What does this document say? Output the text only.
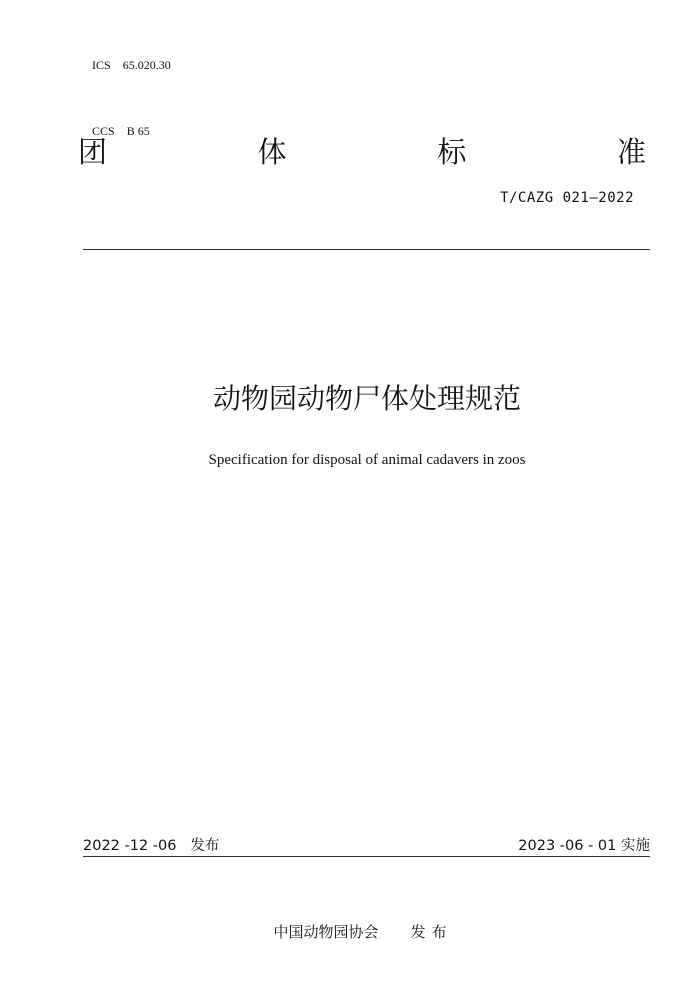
ICS 65.020.30

CCS B 65

团	体	标	准
T/CAZG 021—2022
动物园动物尸体处理规范
Specification for disposal of animal cadavers in zoos
2022 -12 -06   发布	2023 -06 - 01 实施

中国动物园协会 发布
